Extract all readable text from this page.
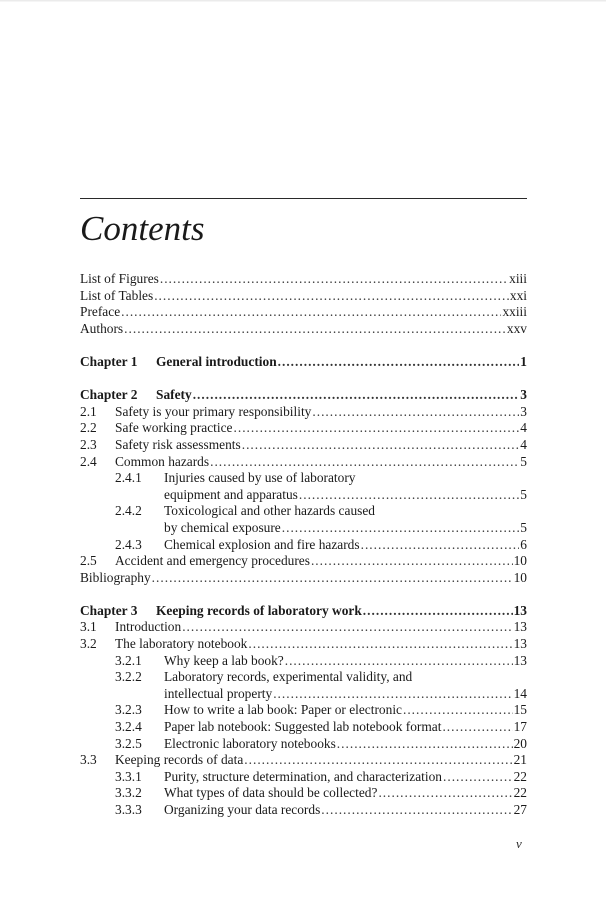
Contents
List of Figures .....	xiii
List of Tables .....	xxi
Preface .....	xxiii
Authors .....	xxv
Chapter 1	General introduction .....	1
Chapter 2	Safety .....	3
2.1	Safety is your primary responsibility .....	3
2.2	Safe working practice .....	4
2.3	Safety risk assessments .....	4
2.4	Common hazards .....	5
2.4.1	Injuries caused by use of laboratory
equipment and apparatus .....	5
2.4.2	Toxicological and other hazards caused
by chemical exposure .....	5
2.4.3	Chemical explosion and fire hazards .....	6
2.5	Accident and emergency procedures .....	10
Bibliography .....	10
Chapter 3	Keeping records of laboratory work .....	13
3.1	Introduction .....	13
3.2	The laboratory notebook .....	13
3.2.1	Why keep a lab book? .....	13
3.2.2	Laboratory records, experimental validity, and
intellectual property .....	14
3.2.3	How to write a lab book: Paper or electronic .....	15
3.2.4	Paper lab notebook: Suggested lab notebook format .....	17
3.2.5	Electronic laboratory notebooks .....	20
3.3	Keeping records of data .....	21
3.3.1	Purity, structure determination, and characterization .....	22
3.3.2	What types of data should be collected? .....	22
3.3.3	Organizing your data records .....	27
v
